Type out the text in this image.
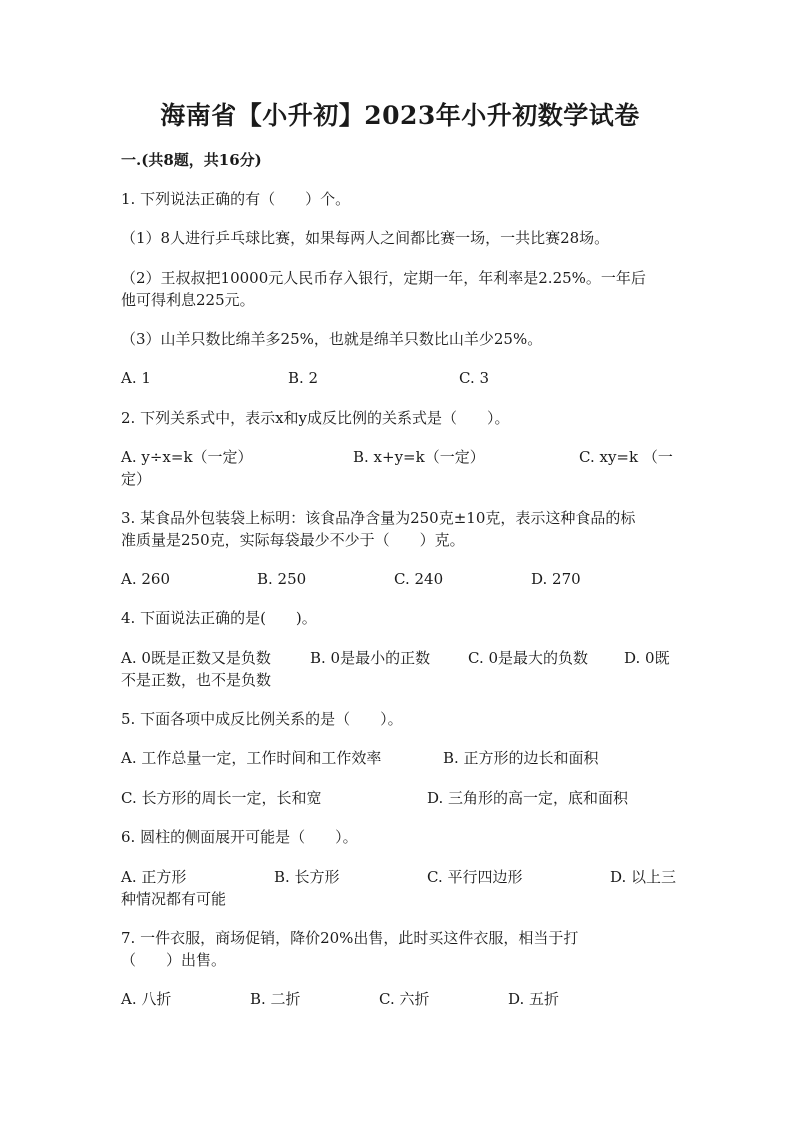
海南省【小升初】2023年小升初数学试卷
一.(共8题，共16分)
1. 下列说法正确的有（　　）个。
（1）8人进行乒乓球比赛，如果每两人之间都比赛一场，一共比赛28场。
（2）王叔叔把10000元人民币存入银行，定期一年，年利率是2.25%。一年后
他可得利息225元。
（3）山羊只数比绵羊多25%，也就是绵羊只数比山羊少25%。
A. 1	B. 2	C. 3
2. 下列关系式中，表示x和y成反比例的关系式是（　　）。
A. y÷x=k（一定）	B. x+y=k（一定）	C. xy=k （一
定）
3. 某食品外包装袋上标明：该食品净含量为250克±10克，表示这种食品的标
准质量是250克，实际每袋最少不少于（　　）克。
A. 260	B. 250	C. 240	D. 270
4. 下面说法正确的是(　　)。
A. 0既是正数又是负数	B. 0是最小的正数	C. 0是最大的负数 D. 0既
不是正数，也不是负数
5. 下面各项中成反比例关系的是（　　）。
A. 工作总量一定，工作时间和工作效率	B. 正方形的边长和面积
C. 长方形的周长一定，长和宽	D. 三角形的高一定，底和面积
6. 圆柱的侧面展开可能是（　　）。
A. 正方形	B. 长方形	C. 平行四边形	D. 以上三
种情况都有可能
7. 一件衣服，商场促销，降价20%出售，此时买这件衣服，相当于打
（　　）出售。
A. 八折	B. 二折	C. 六折	D. 五折
